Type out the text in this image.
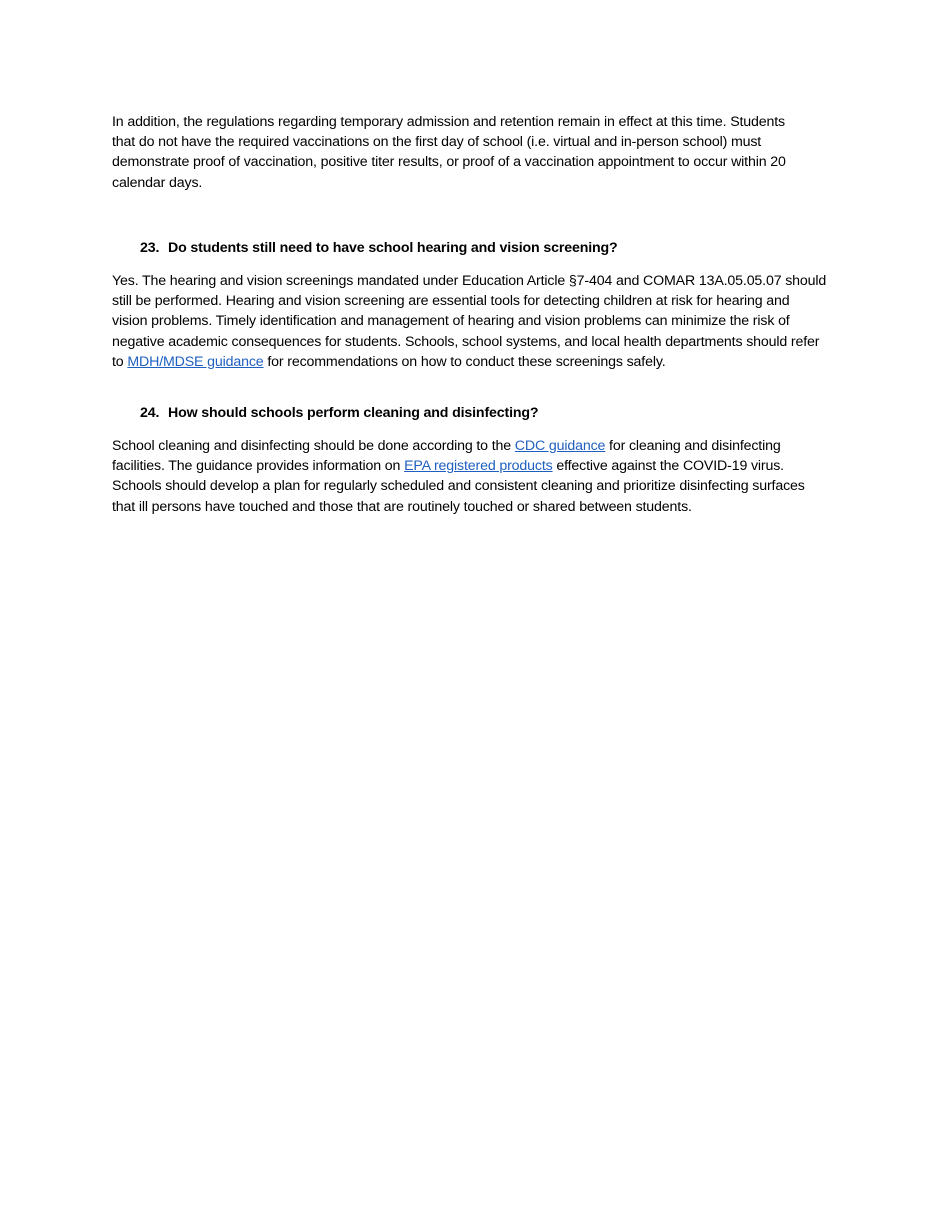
In addition, the regulations regarding temporary admission and retention remain in effect at this time. Students
that do not have the required vaccinations on the first day of school (i.e. virtual and in-person school) must
demonstrate proof of vaccination, positive titer results, or proof of a vaccination appointment to occur within 20
calendar days.

23. Do students still need to have school hearing and vision screening?

Yes. The hearing and vision screenings mandated under Education Article §7-404 and COMAR 13A.05.05.07 should
still be performed. Hearing and vision screening are essential tools for detecting children at risk for hearing and
vision problems. Timely identification and management of hearing and vision problems can minimize the risk of
negative academic consequences for students. Schools, school systems, and local health departments should refer
to MDH/MDSE guidance for recommendations on how to conduct these screenings safely.

24. How should schools perform cleaning and disinfecting?

School cleaning and disinfecting should be done according to the CDC guidance for cleaning and disinfecting
facilities. The guidance provides information on EPA registered products effective against the COVID-19 virus.
Schools should develop a plan for regularly scheduled and consistent cleaning and prioritize disinfecting surfaces
that ill persons have touched and those that are routinely touched or shared between students.
